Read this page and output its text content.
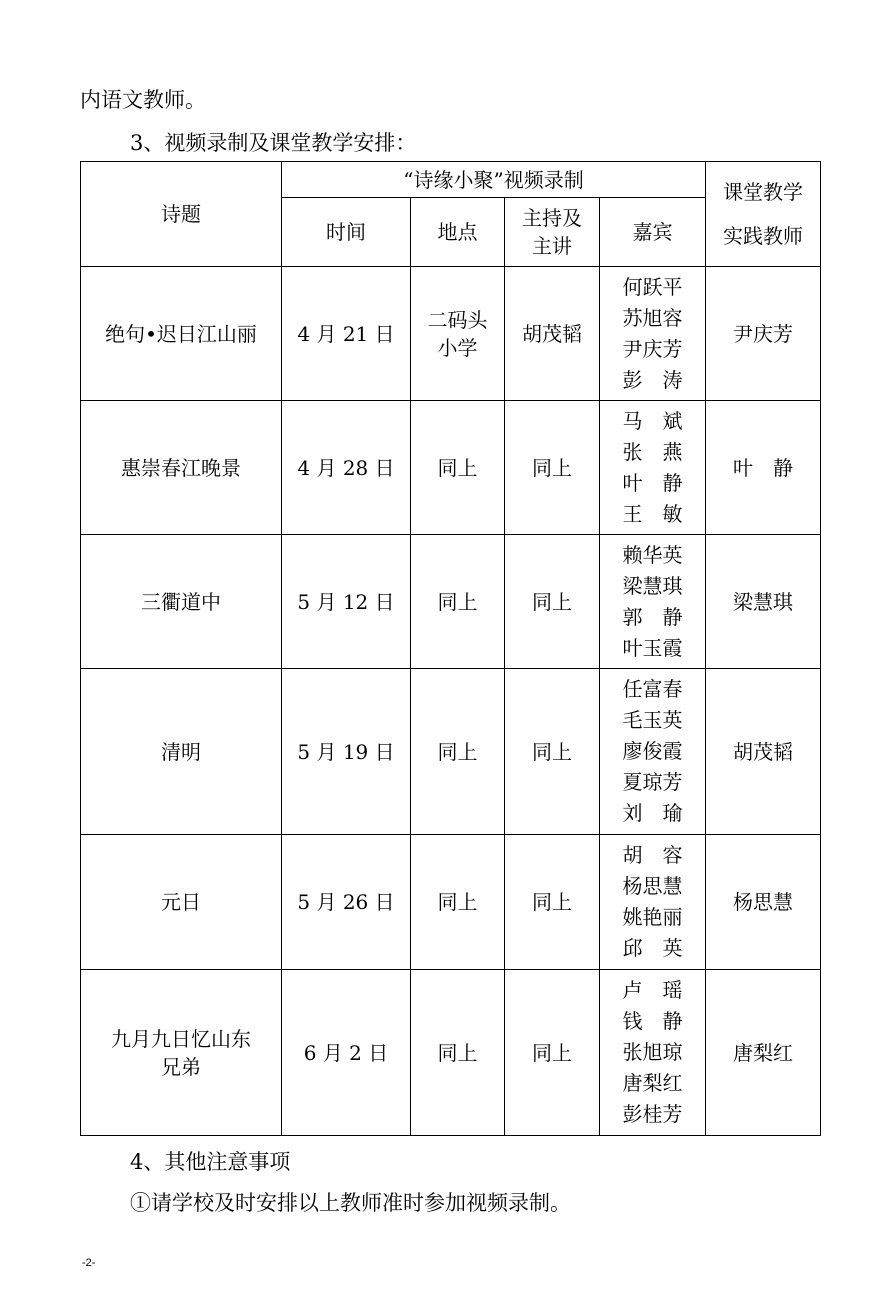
内语文教师。
3、视频录制及课堂教学安排：
诗题	“诗缘小聚”视频录制				课堂教学
实践教师

	时间	地点	主持及
主讲	嘉宾	
绝句•迟日江山丽	4 月 21 日	二码头
小学	胡茂韬	何跃平
苏旭容
尹庆芳
彭　涛	尹庆芳
惠崇春江晚景	4 月 28 日	同上	同上	马　斌
张　燕
叶　静
王　敏	叶　静
三衢道中	5 月 12 日	同上	同上	赖华英
梁慧琪
郭　静
叶玉霞	梁慧琪
清明	5 月 19 日	同上	同上	任富春
毛玉英
廖俊霞
夏琼芳
刘　瑜	胡茂韬
元日	5 月 26 日	同上	同上	胡　容
杨思慧
姚艳丽
邱　英	杨思慧

九月九日忆山东
兄弟	6 月 2 日	同上	同上	卢　瑶
钱　静
张旭琼
唐梨红
彭桂芳	唐梨红
4、其他注意事项
①请学校及时安排以上教师准时参加视频录制。
-2-
